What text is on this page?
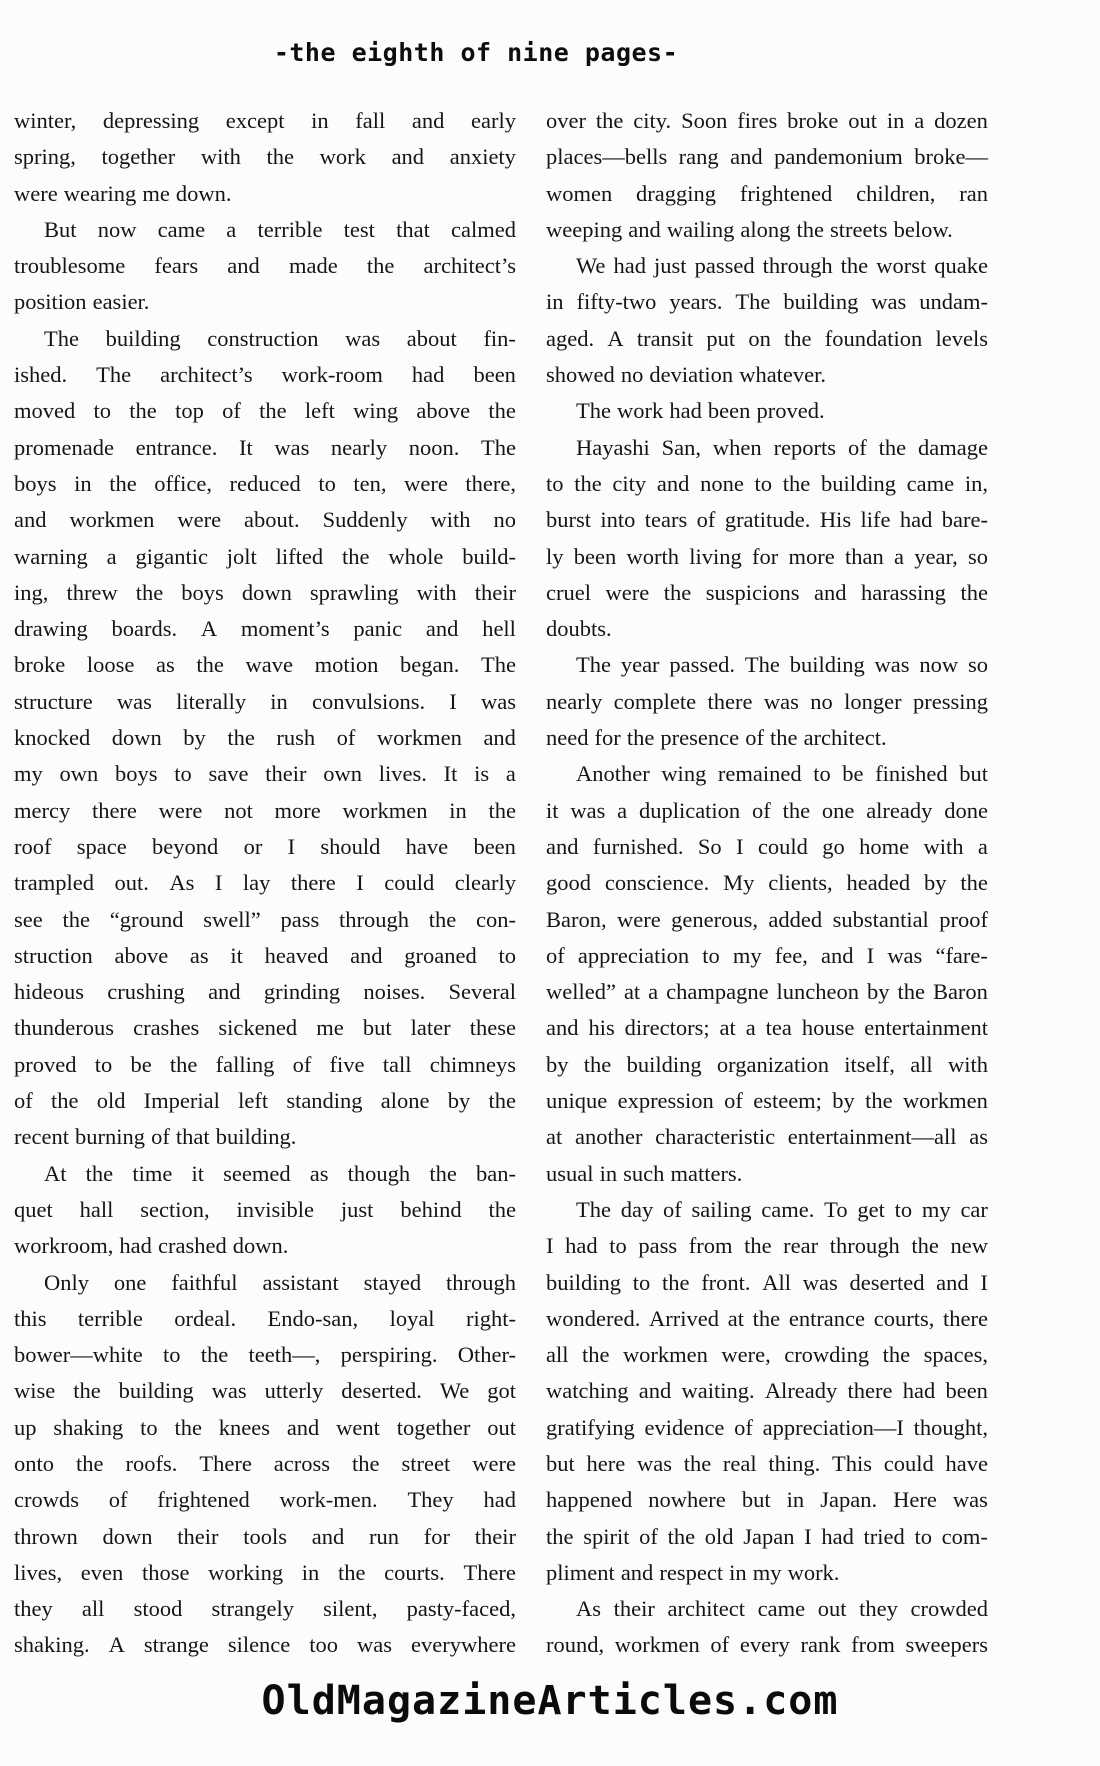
-the eighth of nine pages-
winter, depressing except in fall and early
spring, together with the work and anxiety
were wearing me down.
But now came a terrible test that calmed
troublesome fears and made the architect’s
position easier.
The building construction was about fin-
ished. The architect’s work-room had been
moved to the top of the left wing above the
promenade entrance. It was nearly noon. The
boys in the office, reduced to ten, were there,
and workmen were about. Suddenly with no
warning a gigantic jolt lifted the whole build-
ing, threw the boys down sprawling with their
drawing boards. A moment’s panic and hell
broke loose as the wave motion began. The
structure was literally in convulsions. I was
knocked down by the rush of workmen and
my own boys to save their own lives. It is a
mercy there were not more workmen in the
roof space beyond or I should have been
trampled out. As I lay there I could clearly
see the “ground swell” pass through the con-
struction above as it heaved and groaned to
hideous crushing and grinding noises. Several
thunderous crashes sickened me but later these
proved to be the falling of five tall chimneys
of the old Imperial left standing alone by the
recent burning of that building.
At the time it seemed as though the ban-
quet hall section, invisible just behind the
workroom, had crashed down.
Only one faithful assistant stayed through
this terrible ordeal. Endo-san, loyal right-
bower—white to the teeth—, perspiring. Other-
wise the building was utterly deserted. We got
up shaking to the knees and went together out
onto the roofs. There across the street were
crowds of frightened work-men. They had
thrown down their tools and run for their
lives, even those working in the courts. There
they all stood strangely silent, pasty-faced,
shaking. A strange silence too was everywhere
over the city. Soon fires broke out in a dozen
places—bells rang and pandemonium broke—
women dragging frightened children, ran
weeping and wailing along the streets below.
We had just passed through the worst quake
in fifty-two years. The building was undam-
aged. A transit put on the foundation levels
showed no deviation whatever.
The work had been proved.
Hayashi San, when reports of the damage
to the city and none to the building came in,
burst into tears of gratitude. His life had bare-
ly been worth living for more than a year, so
cruel were the suspicions and harassing the
doubts.
The year passed. The building was now so
nearly complete there was no longer pressing
need for the presence of the architect.
Another wing remained to be finished but
it was a duplication of the one already done
and furnished. So I could go home with a
good conscience. My clients, headed by the
Baron, were generous, added substantial proof
of appreciation to my fee, and I was “fare-
welled” at a champagne luncheon by the Baron
and his directors; at a tea house entertainment
by the building organization itself, all with
unique expression of esteem; by the workmen
at another characteristic entertainment—all as
usual in such matters.
The day of sailing came. To get to my car
I had to pass from the rear through the new
building to the front. All was deserted and I
wondered. Arrived at the entrance courts, there
all the workmen were, crowding the spaces,
watching and waiting. Already there had been
gratifying evidence of appreciation—I thought,
but here was the real thing. This could have
happened nowhere but in Japan. Here was
the spirit of the old Japan I had tried to com-
pliment and respect in my work.
As their architect came out they crowded
round, workmen of every rank from sweepers
OldMagazineArticles.com
